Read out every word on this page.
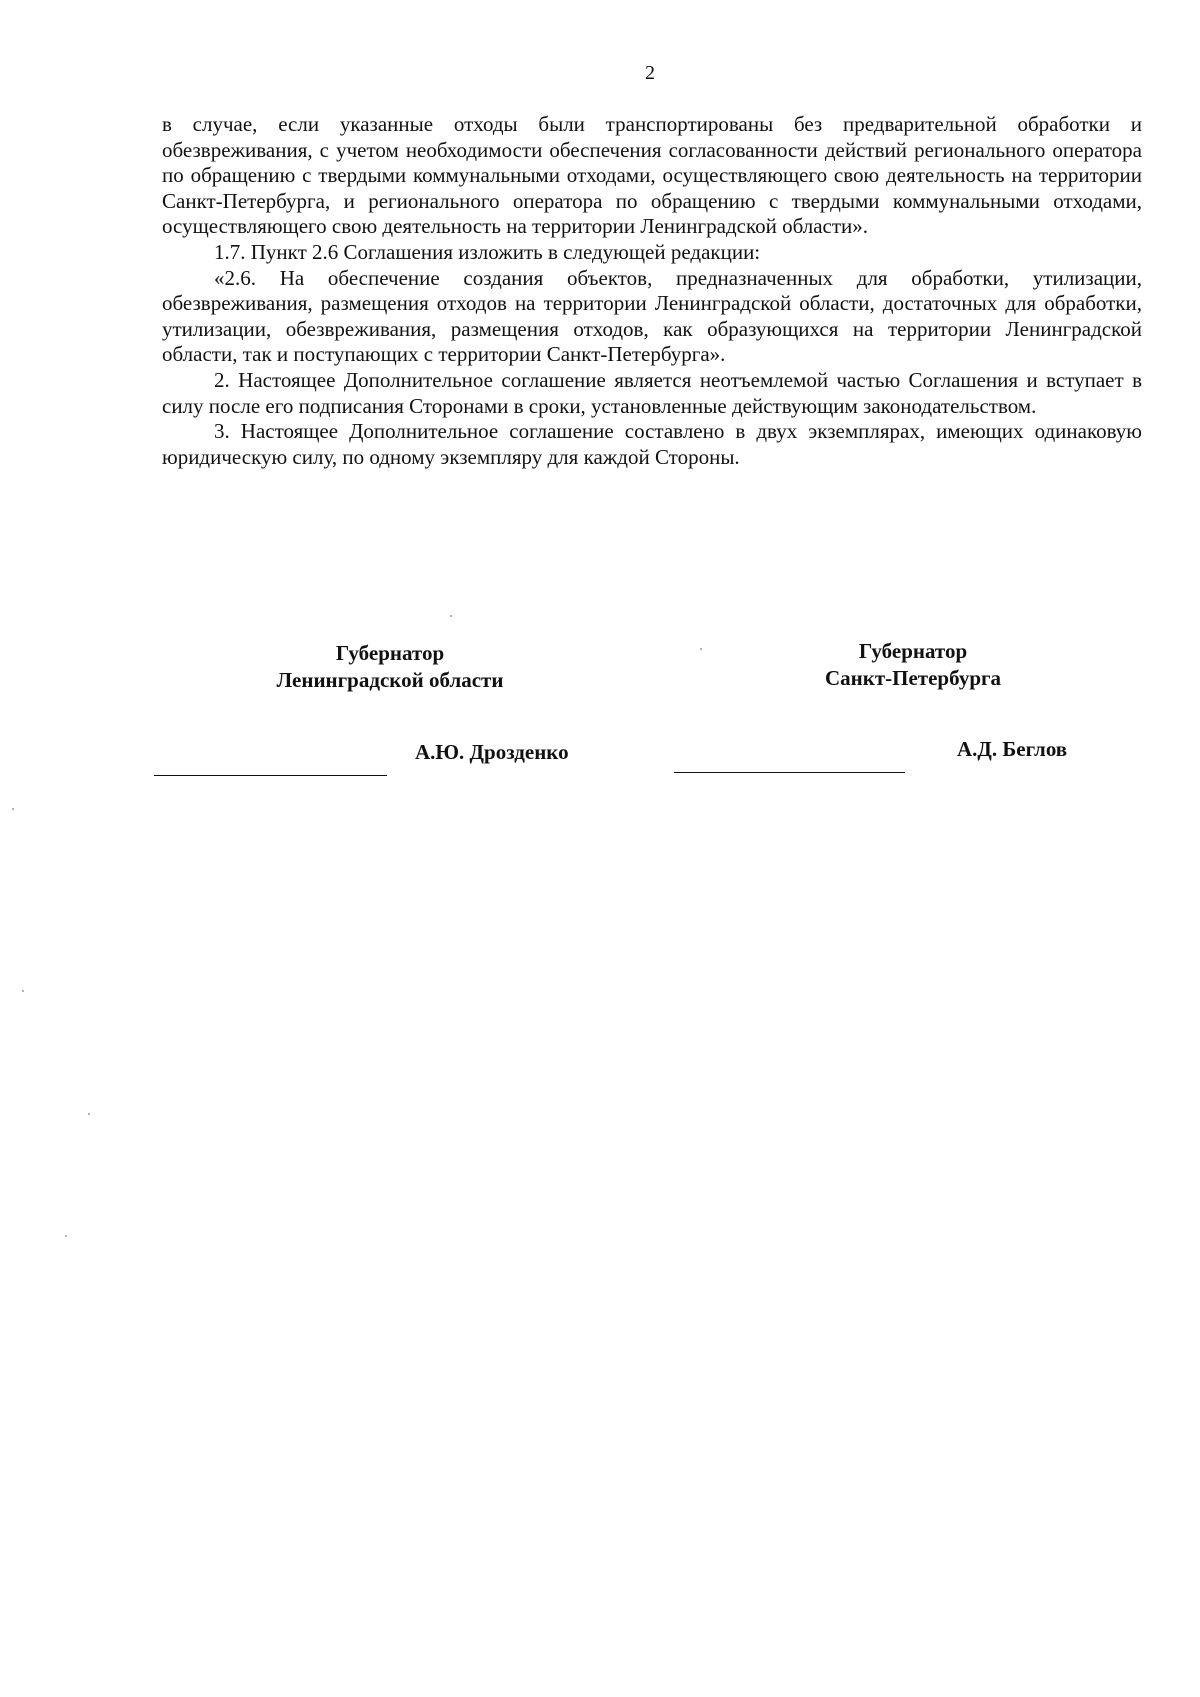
2

в случае, если указанные отходы были транспортированы без предварительной обработки и обезвреживания, с учетом необходимости обеспечения согласованности действий регионального оператора по обращению с твердыми коммунальными отходами, осуществляющего свою деятельность на территории Санкт-Петербурга, и регионального оператора по обращению с твердыми коммунальными отходами, осуществляющего свою деятельность на территории Ленинградской области».

1.7. Пункт 2.6 Соглашения изложить в следующей редакции:

«2.6. На обеспечение создания объектов, предназначенных для обработки, утилизации, обезвреживания, размещения отходов на территории Ленинградской области, достаточных для обработки, утилизации, обезвреживания, размещения отходов, как образующихся на территории Ленинградской области, так и поступающих с территории Санкт-Петербурга».

2. Настоящее Дополнительное соглашение является неотъемлемой частью Соглашения и вступает в силу после его подписания Сторонами в сроки, установленные действующим законодательством.

3. Настоящее Дополнительное соглашение составлено в двух экземплярах, имеющих одинаковую юридическую силу, по одному экземпляру для каждой Стороны.

Губернатор
Ленинградской области
Губернатор
Санкт-Петербурга
А.Ю. Дрозденко	А.Д. Беглов
